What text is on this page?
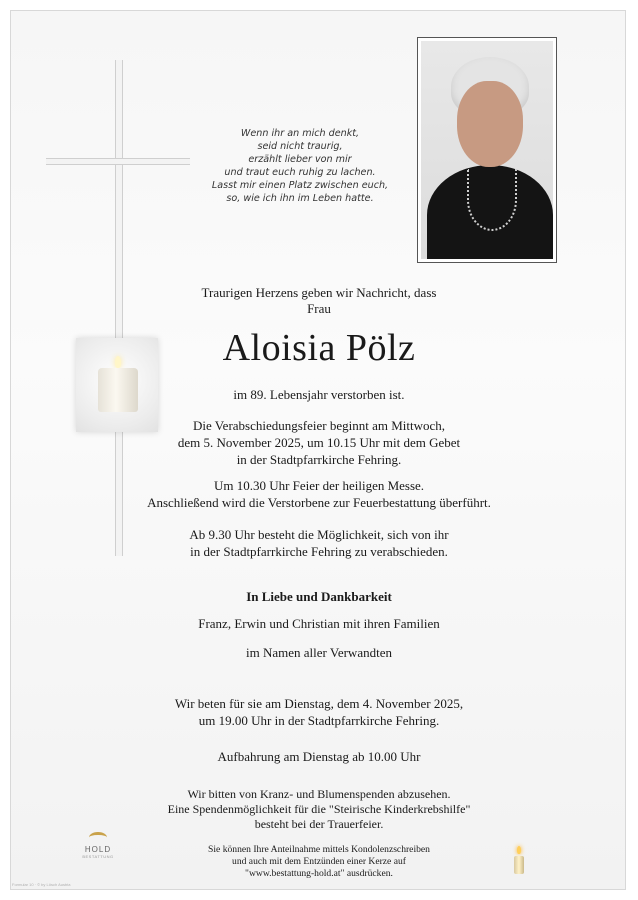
Wenn ihr an mich denkt,
seid nicht traurig,
erzählt lieber von mir
und traut euch ruhig zu lachen.
Lasst mir einen Platz zwischen euch,
so, wie ich ihn im Leben hatte.
Traurigen Herzens geben wir Nachricht, dass
Frau
Aloisia Pölz
im 89. Lebensjahr verstorben ist.
Die Verabschiedungsfeier beginnt am Mittwoch,
dem 5. November 2025, um 10.15 Uhr mit dem Gebet
in der Stadtpfarrkirche Fehring.
Um 10.30 Uhr Feier der heiligen Messe.
Anschließend wird die Verstorbene zur Feuerbestattung überführt.
Ab 9.30 Uhr besteht die Möglichkeit, sich von ihr
in der Stadtpfarrkirche Fehring zu verabschieden.
In Liebe und Dankbarkeit
Franz, Erwin und Christian mit ihren Familien
im Namen aller Verwandten
Wir beten für sie am Dienstag, dem 4. November 2025,
um 19.00 Uhr in der Stadtpfarrkirche Fehring.
Aufbahrung am Dienstag ab 10.00 Uhr
Wir bitten von Kranz- und Blumenspenden abzusehen.
Eine Spendenmöglichkeit für die "Steirische Kinderkrebshilfe"
besteht bei der Trauerfeier.
Sie können Ihre Anteilnahme mittels Kondolenzschreiben
und auch mit dem Entzünden einer Kerze auf
"www.bestattung-hold.at" ausdrücken.
HOLD
BESTATTUNG
Formular 10 · © by Lösch Austria
